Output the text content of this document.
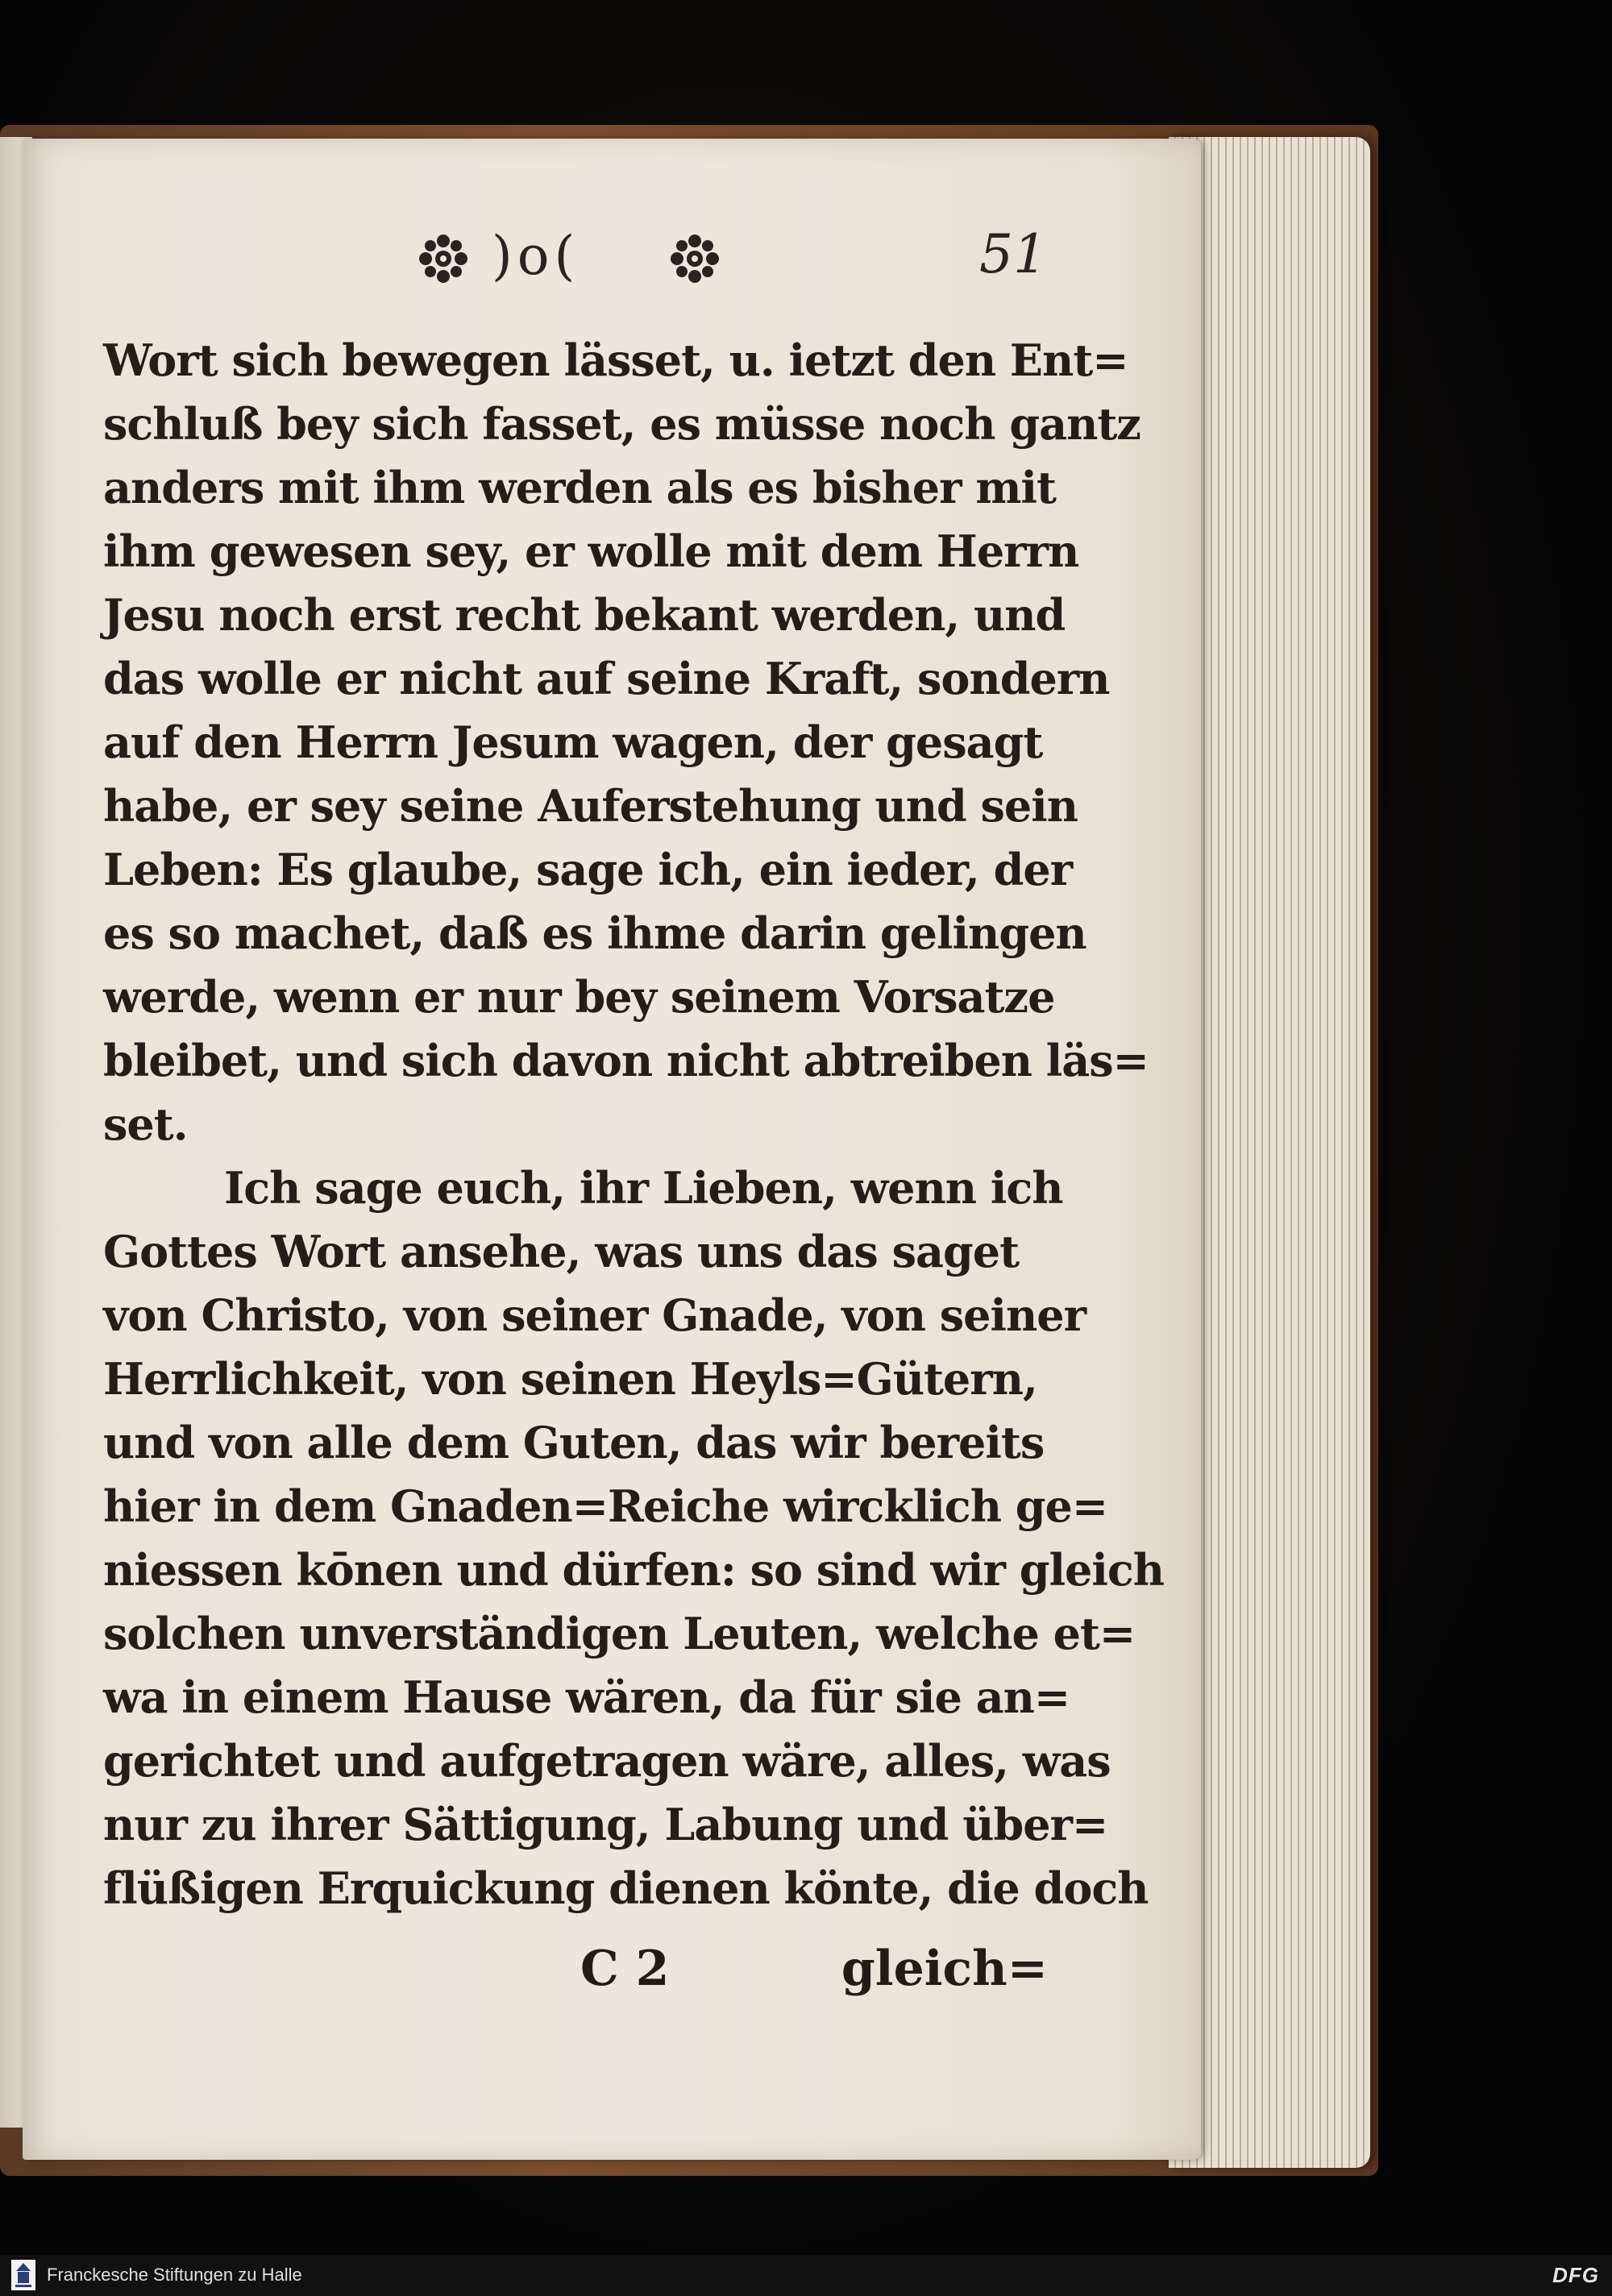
)o(	51
Wort sich bewegen lässet, u. ietzt den Ent=
schluß bey sich fasset, es müsse noch gantz
anders mit ihm werden als es bisher mit
ihm gewesen sey, er wolle mit dem Herrn
Jesu noch erst recht bekant werden, und
das wolle er nicht auf seine Kraft, sondern
auf den Herrn Jesum wagen, der gesagt
habe, er sey seine Auferstehung und sein
Leben: Es glaube, sage ich, ein ieder, der
es so machet, daß es ihme darin gelingen
werde, wenn er nur bey seinem Vorsatze
bleibet, und sich davon nicht abtreiben läs=
set.
Ich sage euch, ihr Lieben, wenn ich
Gottes Wort ansehe, was uns das saget
von Christo, von seiner Gnade, von seiner
Herrlichkeit, von seinen Heyls=Gütern,
und von alle dem Guten, das wir bereits
hier in dem Gnaden=Reiche wircklich ge=
niessen kōnen und dürfen: so sind wir gleich
solchen unverständigen Leuten, welche et=
wa in einem Hause wären, da für sie an=
gerichtet und aufgetragen wäre, alles, was
nur zu ihrer Sättigung, Labung und über=
flüßigen Erquickung dienen könte, die doch
C 2	gleich=
Franckesche Stiftungen zu Halle	DFG
